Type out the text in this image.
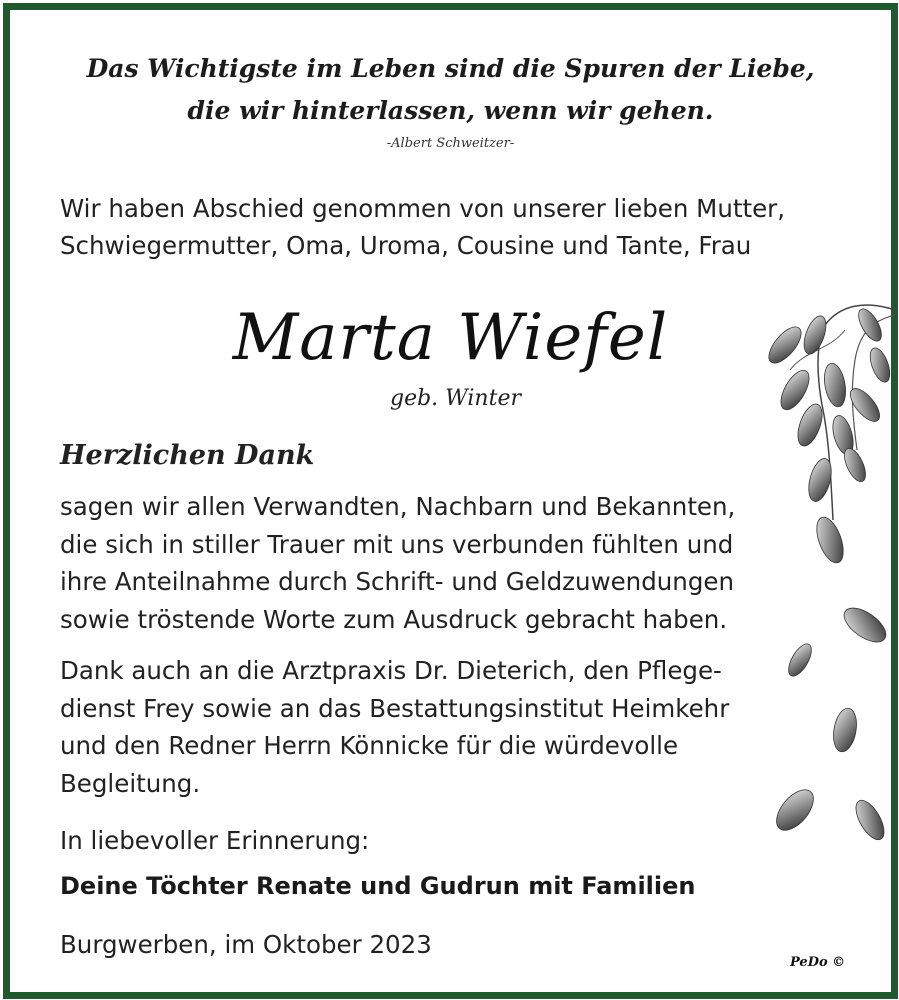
Das Wichtigste im Leben sind die Spuren der Liebe,
die wir hinterlassen, wenn wir gehen.
-Albert Schweitzer-
Wir haben Abschied genommen von unserer lieben Mutter,
Schwiegermutter, Oma, Uroma, Cousine und Tante, Frau
Marta Wiefel
geb. Winter
Herzlichen Dank
sagen wir allen Verwandten, Nachbarn und Bekannten,
die sich in stiller Trauer mit uns verbunden fühlten und
ihre Anteilnahme durch Schrift- und Geldzuwendungen
sowie tröstende Worte zum Ausdruck gebracht haben.
Dank auch an die Arztpraxis Dr. Dieterich, den Pflege-
dienst Frey sowie an das Bestattungsinstitut Heimkehr
und den Redner Herrn Könnicke für die würdevolle
Begleitung.
In liebevoller Erinnerung:
Deine Töchter Renate und Gudrun mit Familien
Burgwerben, im Oktober 2023
PeDo ©
